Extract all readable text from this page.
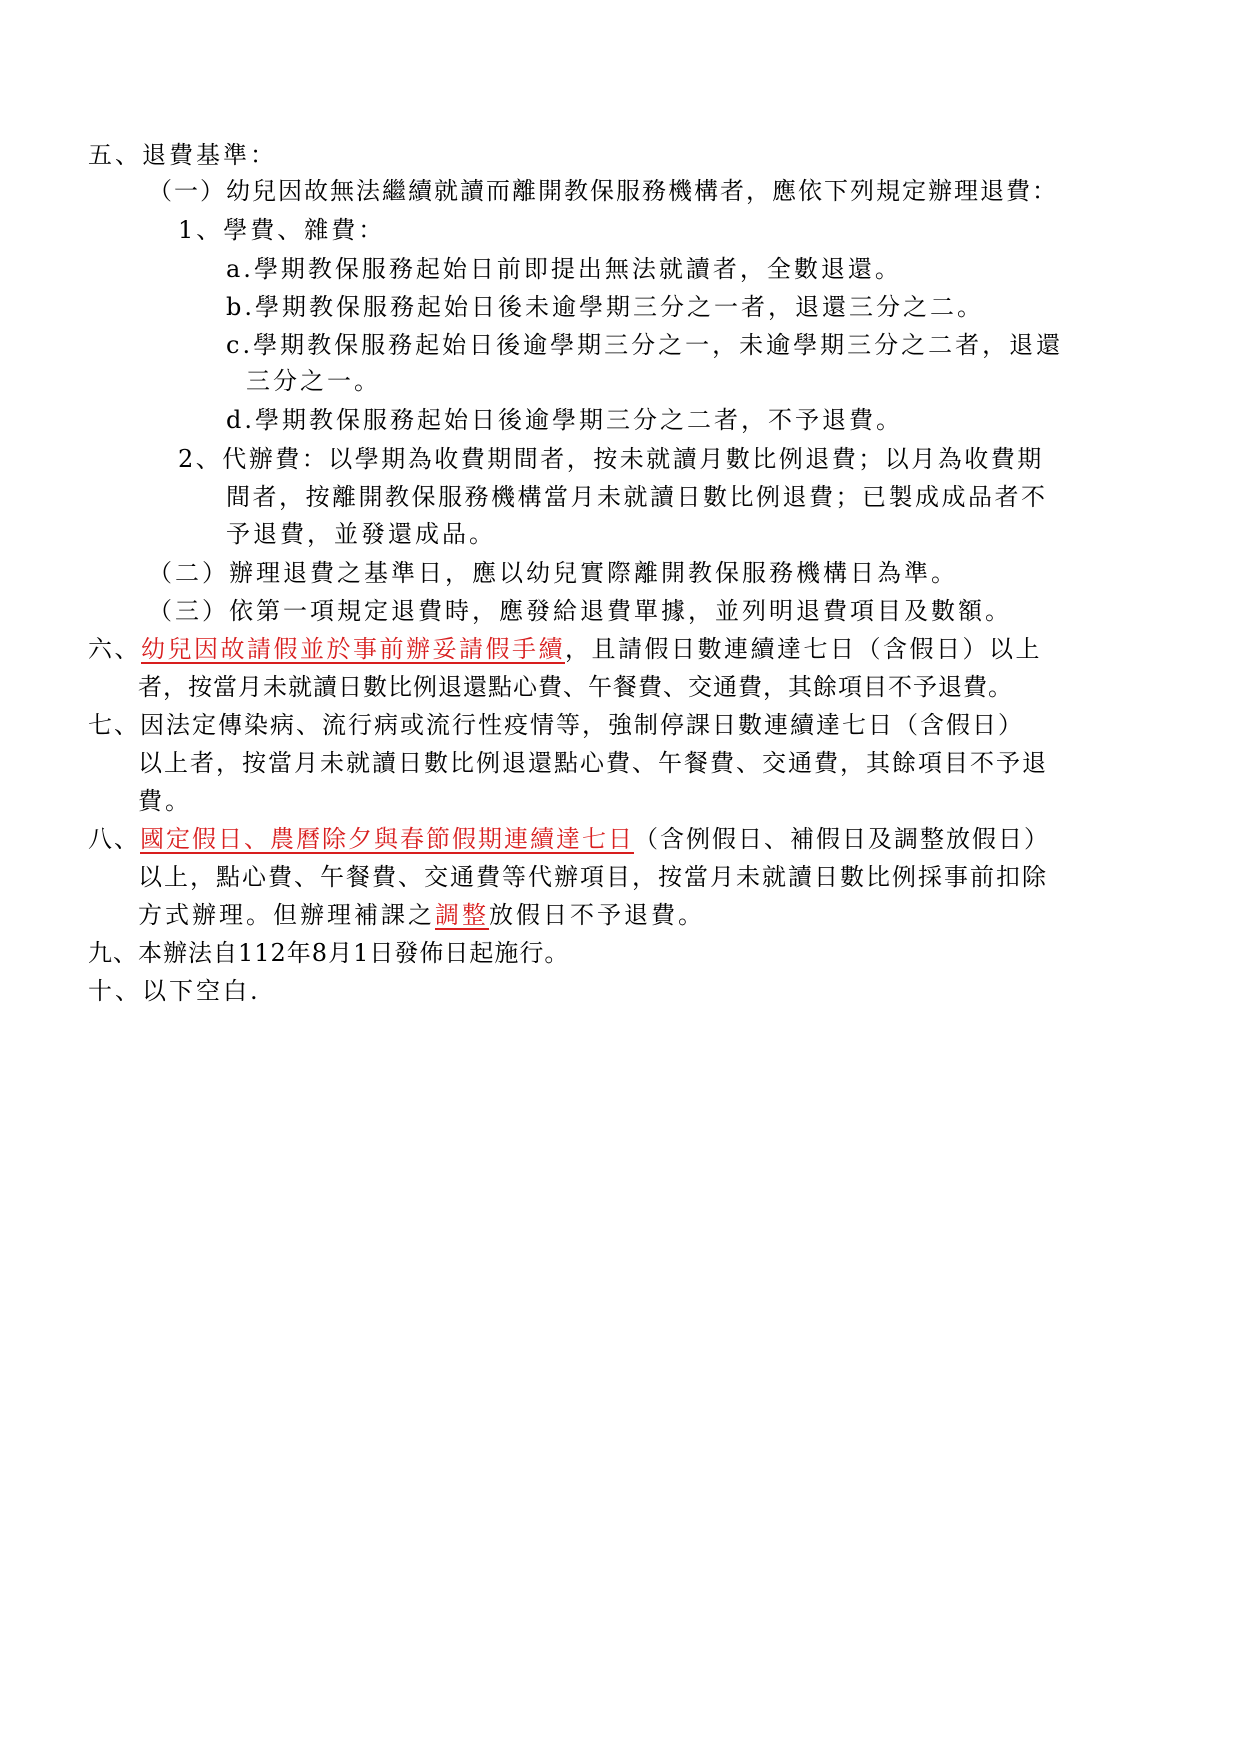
五、退費基準：

（一）幼兒因故無法繼續就讀而離開教保服務機構者，應依下列規定辦理退費：

1、學費、雜費：

a.學期教保服務起始日前即提出無法就讀者，全數退還。

b.學期教保服務起始日後未逾學期三分之一者，退還三分之二。

c.學期教保服務起始日後逾學期三分之一，未逾學期三分之二者，退還

三分之一。

d.學期教保服務起始日後逾學期三分之二者，不予退費。

2、代辦費：以學期為收費期間者，按未就讀月數比例退費；以月為收費期

間者，按離開教保服務機構當月未就讀日數比例退費；已製成成品者不

予退費，並發還成品。

（二）辦理退費之基準日，應以幼兒實際離開教保服務機構日為準。

（三）依第一項規定退費時，應發給退費單據，並列明退費項目及數額。

六、幼兒因故請假並於事前辦妥請假手續，且請假日數連續達七日（含假日）以上

者，按當月未就讀日數比例退還點心費、午餐費、交通費，其餘項目不予退費。

七、因法定傳染病、流行病或流行性疫情等，強制停課日數連續達七日（含假日）

以上者，按當月未就讀日數比例退還點心費、午餐費、交通費，其餘項目不予退

費。

八、國定假日、農曆除夕與春節假期連續達七日（含例假日、補假日及調整放假日）

以上，點心費、午餐費、交通費等代辦項目，按當月未就讀日數比例採事前扣除

方式辦理。但辦理補課之調整放假日不予退費。

九、本辦法自112年8月1日發佈日起施行。

十、以下空白.
